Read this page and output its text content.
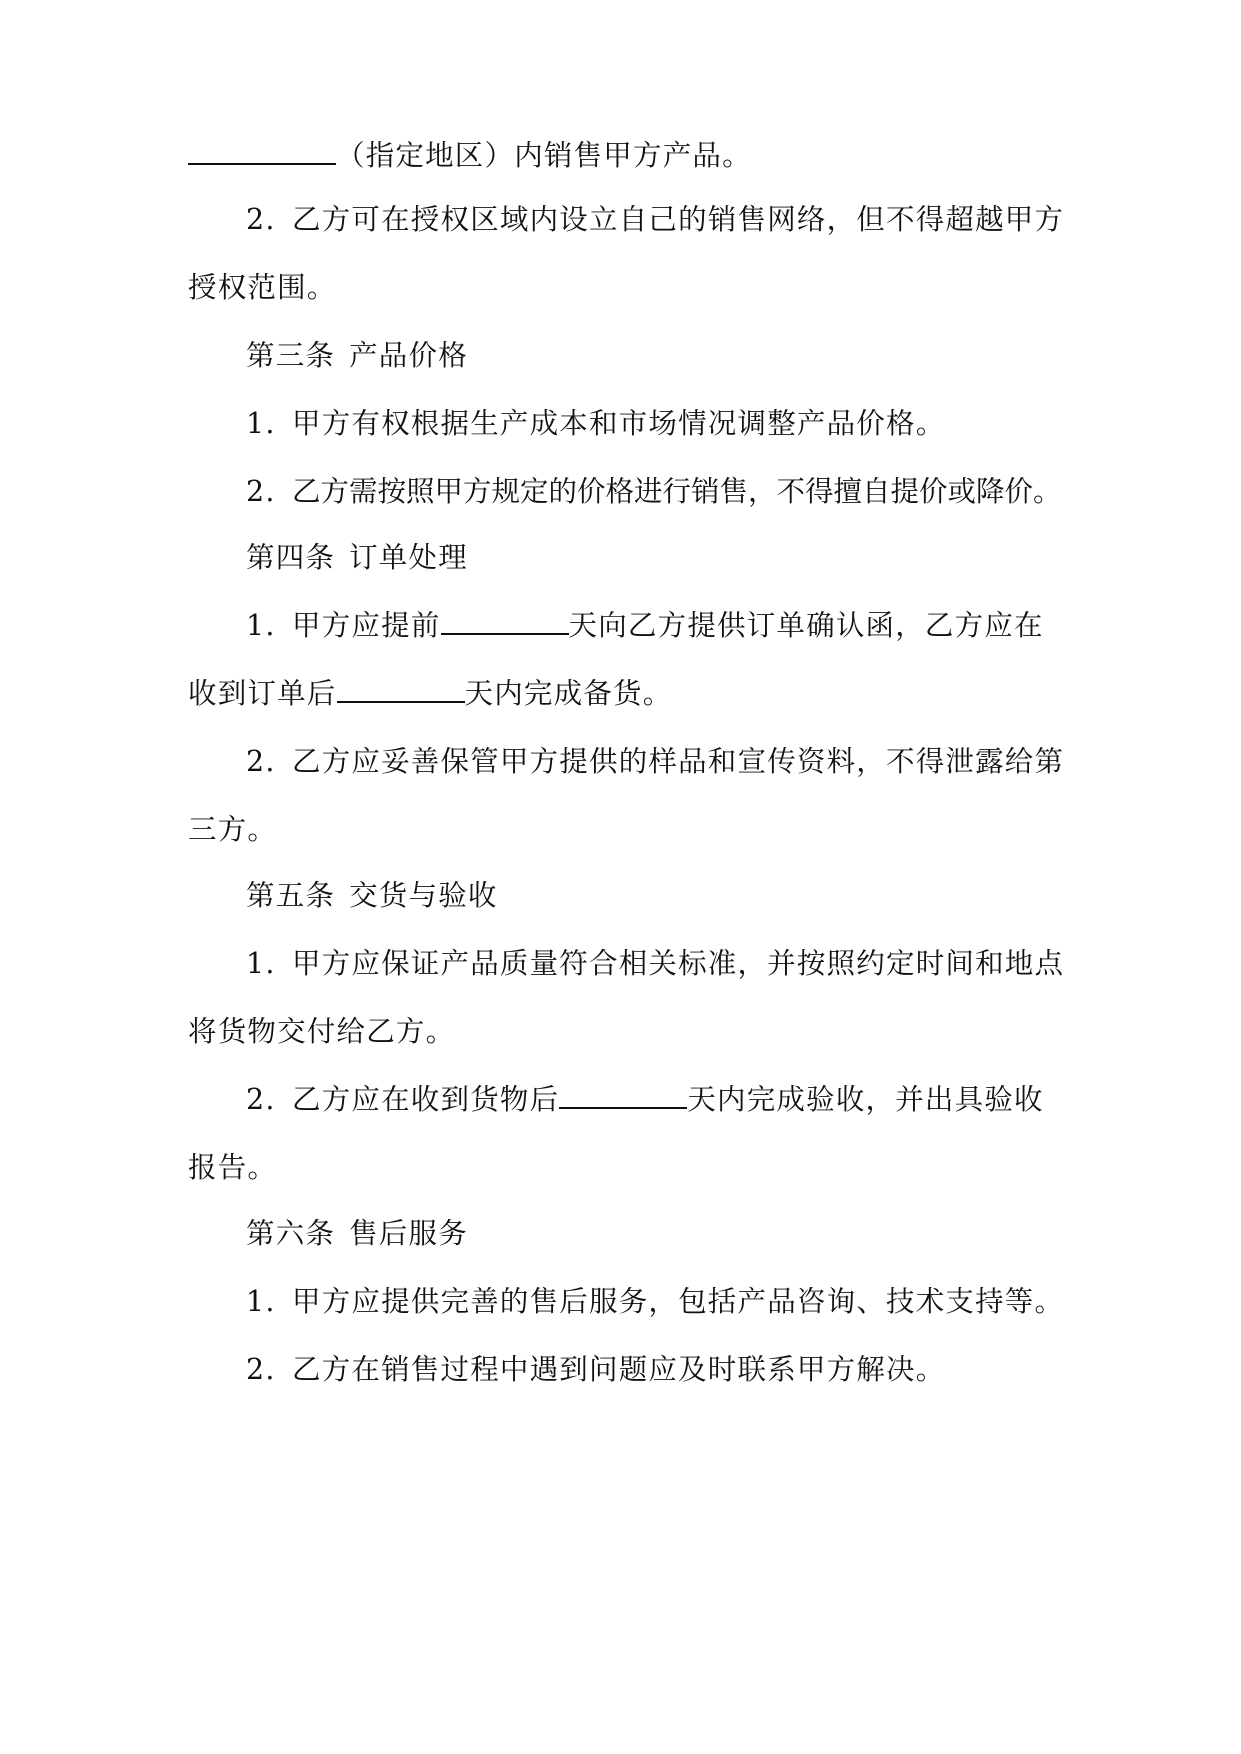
（指定地区）内销售甲方产品。
2. 乙方可在授权区域内设立自己的销售网络，但不得超越甲方
授权范围。
第三条 产品价格
1. 甲方有权根据生产成本和市场情况调整产品价格。
2. 乙方需按照甲方规定的价格进行销售，不得擅自提价或降价。
第四条 订单处理
1. 甲方应提前	天向乙方提供订单确认函，乙方应在
收到订单后	天内完成备货。
2. 乙方应妥善保管甲方提供的样品和宣传资料，不得泄露给第
三方。
第五条 交货与验收
1. 甲方应保证产品质量符合相关标准，并按照约定时间和地点
将货物交付给乙方。
2. 乙方应在收到货物后	天内完成验收，并出具验收
报告。
第六条 售后服务
1. 甲方应提供完善的售后服务，包括产品咨询、技术支持等。
2. 乙方在销售过程中遇到问题应及时联系甲方解决。
